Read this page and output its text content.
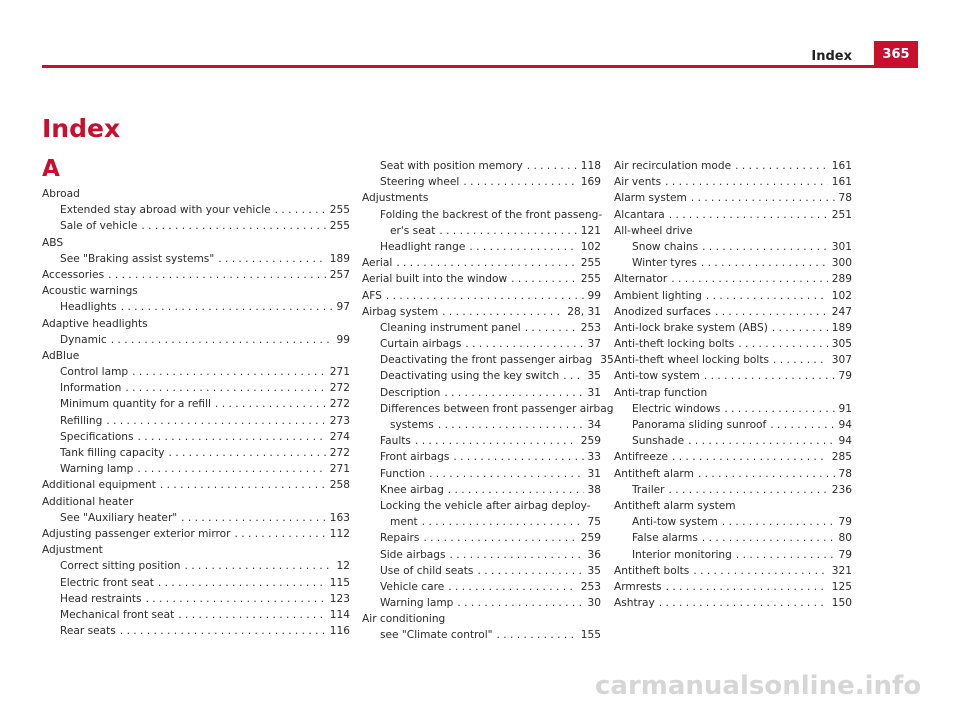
Index	365
Index
A
Abroad
Extended stay abroad with your vehicle . . .	255
Sale of vehicle . . .	255
ABS
See "Braking assist systems" . . .	189
Accessories . . .	257
Acoustic warnings
Headlights . . .	97
Adaptive headlights
Dynamic . . .	99
AdBlue
Control lamp . . .	271
Information . . .	272
Minimum quantity for a refill . . .	272
Refilling . . .	273
Specifications . . .	274
Tank filling capacity . . .	272
Warning lamp . . .	271
Additional equipment . . .	258
Additional heater
See "Auxiliary heater" . . .	163
Adjusting passenger exterior mirror . . .	112
Adjustment
Correct sitting position . . .	12
Electric front seat . . .	115
Head restraints . . .	123
Mechanical front seat . . .	114
Rear seats . . .	116
Seat with position memory . . .	118
Steering wheel . . .	169
Adjustments
Folding the backrest of the front passeng-
er's seat . . .	121
Headlight range . . .	102
Aerial . . .	255
Aerial built into the window . . .	255
AFS . . .	99
Airbag system . . .	28, 31
Cleaning instrument panel . . .	253
Curtain airbags . . .	37
Deactivating the front passenger airbag 35
Deactivating using the key switch . . .	35
Description . . .	31
Differences between front passenger airbag
systems . . .	34
Faults . . .	259
Front airbags . . .	33
Function . . .	31
Knee airbag . . .	38
Locking the vehicle after airbag deploy-
ment . . .	75
Repairs . . .	259
Side airbags . . .	36
Use of child seats . . .	35
Vehicle care . . .	253
Warning lamp . . .	30
Air conditioning
see "Climate control" . . .	155
Air recirculation mode . . .	161
Air vents . . .	161
Alarm system . . .	78
Alcantara . . .	251
All-wheel drive
Snow chains . . .	301
Winter tyres . . .	300
Alternator . . .	289
Ambient lighting . . .	102
Anodized surfaces . . .	247
Anti-lock brake system (ABS) . . .	189
Anti-theft locking bolts . . .	305
Anti-theft wheel locking bolts . . .	307
Anti-tow system . . .	79
Anti-trap function
Electric windows . . .	91
Panorama sliding sunroof . . .	94
Sunshade . . .	94
Antifreeze . . .	285
Antitheft alarm . . .	78
Trailer . . .	236
Antitheft alarm system
Anti-tow system . . .	79
False alarms . . .	80
Interior monitoring . . .	79
Antitheft bolts . . .	321
Armrests . . .	125
Ashtray . . .	150
carmanualsonline.info
